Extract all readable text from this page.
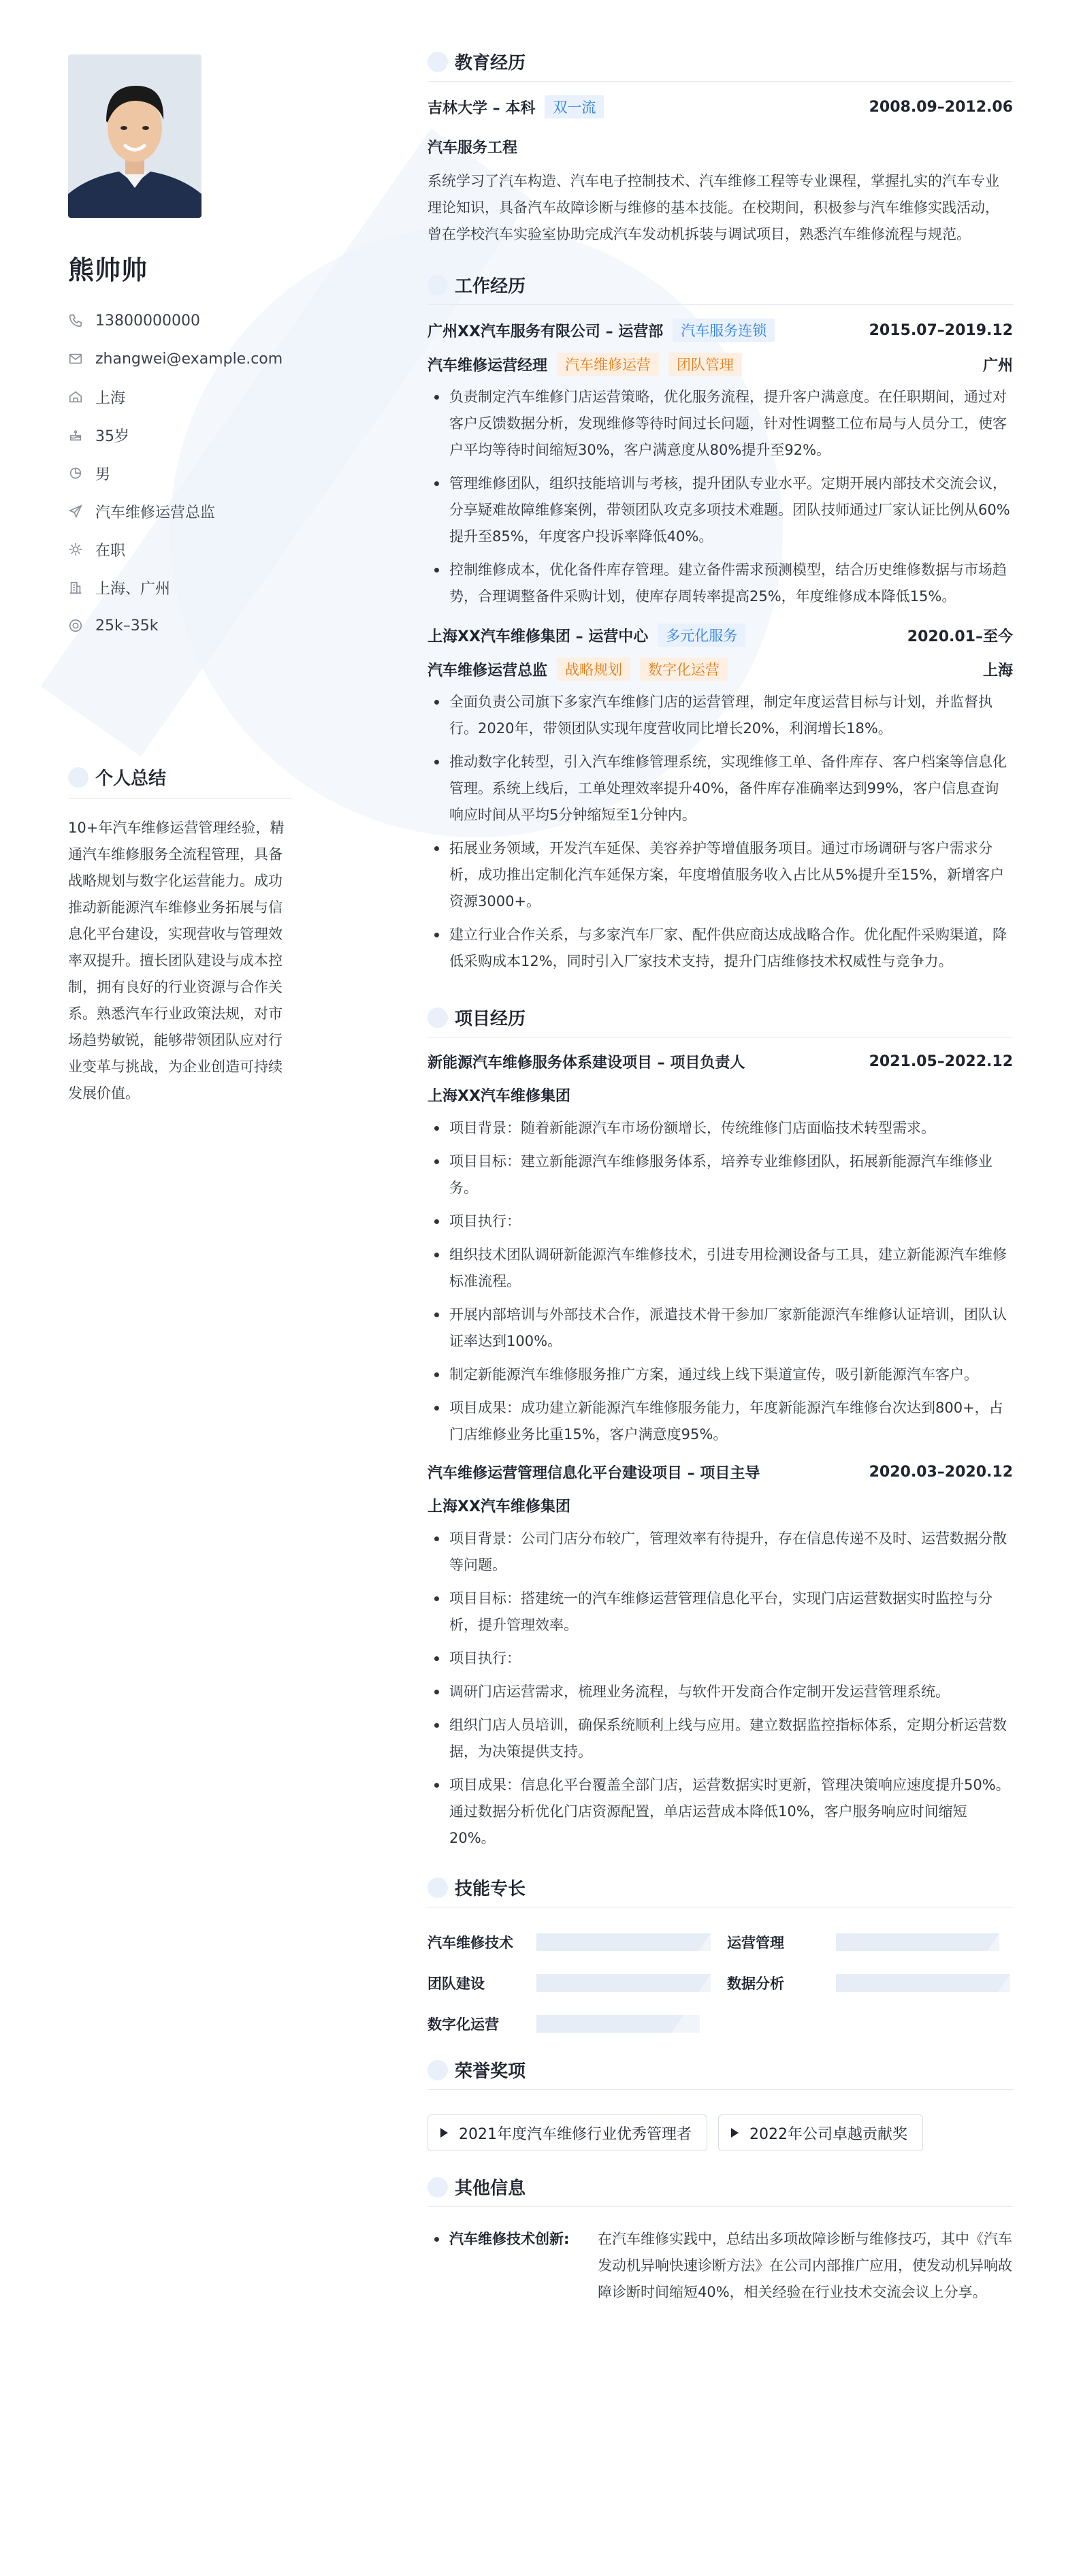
熊帅帅
13800000000
zhangwei@example.com
上海
35岁
男
汽车维修运营总监
在职
上海、广州
25k–35k
个人总结
10+年汽车维修运营管理经验，精通汽车维修服务全流程管理，具备战略规划与数字化运营能力。成功推动新能源汽车维修业务拓展与信息化平台建设，实现营收与管理效率双提升。擅长团队建设与成本控制，拥有良好的行业资源与合作关系。熟悉汽车行业政策法规，对市场趋势敏锐，能够带领团队应对行业变革与挑战，为企业创造可持续发展价值。
教育经历
吉林大学 – 本科	双一流	2008.09–2012.06
汽车服务工程
系统学习了汽车构造、汽车电子控制技术、汽车维修工程等专业课程，掌握扎实的汽车专业理论知识，具备汽车故障诊断与维修的基本技能。在校期间，积极参与汽车维修实践活动，曾在学校汽车实验室协助完成汽车发动机拆装与调试项目，熟悉汽车维修流程与规范。
工作经历
广州XX汽车服务有限公司 – 运营部	汽车服务连锁	2015.07–2019.12
汽车维修运营经理	汽车维修运营	团队管理	广州
负责制定汽车维修门店运营策略，优化服务流程，提升客户满意度。在任职期间，通过对客户反馈数据分析，发现维修等待时间过长问题，针对性调整工位布局与人员分工，使客户平均等待时间缩短30%，客户满意度从80%提升至92%。
管理维修团队，组织技能培训与考核，提升团队专业水平。定期开展内部技术交流会议，分享疑难故障维修案例，带领团队攻克多项技术难题。团队技师通过厂家认证比例从60%提升至85%，年度客户投诉率降低40%。
控制维修成本，优化备件库存管理。建立备件需求预测模型，结合历史维修数据与市场趋势，合理调整备件采购计划，使库存周转率提高25%，年度维修成本降低15%。
上海XX汽车维修集团 – 运营中心	多元化服务	2020.01–至今
汽车维修运营总监	战略规划	数字化运营	上海
全面负责公司旗下多家汽车维修门店的运营管理，制定年度运营目标与计划，并监督执行。2020年，带领团队实现年度营收同比增长20%，利润增长18%。
推动数字化转型，引入汽车维修管理系统，实现维修工单、备件库存、客户档案等信息化管理。系统上线后，工单处理效率提升40%，备件库存准确率达到99%，客户信息查询响应时间从平均5分钟缩短至1分钟内。
拓展业务领域，开发汽车延保、美容养护等增值服务项目。通过市场调研与客户需求分析，成功推出定制化汽车延保方案，年度增值服务收入占比从5%提升至15%，新增客户资源3000+。
建立行业合作关系，与多家汽车厂家、配件供应商达成战略合作。优化配件采购渠道，降低采购成本12%，同时引入厂家技术支持，提升门店维修技术权威性与竞争力。
项目经历
新能源汽车维修服务体系建设项目 – 项目负责人	2021.05–2022.12
上海XX汽车维修集团
项目背景：随着新能源汽车市场份额增长，传统维修门店面临技术转型需求。
项目目标：建立新能源汽车维修服务体系，培养专业维修团队，拓展新能源汽车维修业务。
项目执行：
组织技术团队调研新能源汽车维修技术，引进专用检测设备与工具，建立新能源汽车维修标准流程。
开展内部培训与外部技术合作，派遣技术骨干参加厂家新能源汽车维修认证培训，团队认证率达到100%。
制定新能源汽车维修服务推广方案，通过线上线下渠道宣传，吸引新能源汽车客户。
项目成果：成功建立新能源汽车维修服务能力，年度新能源汽车维修台次达到800+，占门店维修业务比重15%，客户满意度95%。
汽车维修运营管理信息化平台建设项目 – 项目主导	2020.03–2020.12
上海XX汽车维修集团
项目背景：公司门店分布较广，管理效率有待提升，存在信息传递不及时、运营数据分散等问题。
项目目标：搭建统一的汽车维修运营管理信息化平台，实现门店运营数据实时监控与分析，提升管理效率。
项目执行：
调研门店运营需求，梳理业务流程，与软件开发商合作定制开发运营管理系统。
组织门店人员培训，确保系统顺利上线与应用。建立数据监控指标体系，定期分析运营数据，为决策提供支持。
项目成果：信息化平台覆盖全部门店，运营数据实时更新，管理决策响应速度提升50%。通过数据分析优化门店资源配置，单店运营成本降低10%，客户服务响应时间缩短20%。
技能专长
汽车维修技术	运营管理
团队建设	数据分析
数字化运营
荣誉奖项
2021年度汽车维修行业优秀管理者	2022年公司卓越贡献奖
其他信息
汽车维修技术创新:	在汽车维修实践中，总结出多项故障诊断与维修技巧，其中《汽车发动机异响快速诊断方法》在公司内部推广应用，使发动机异响故障诊断时间缩短40%，相关经验在行业技术交流会议上分享。
